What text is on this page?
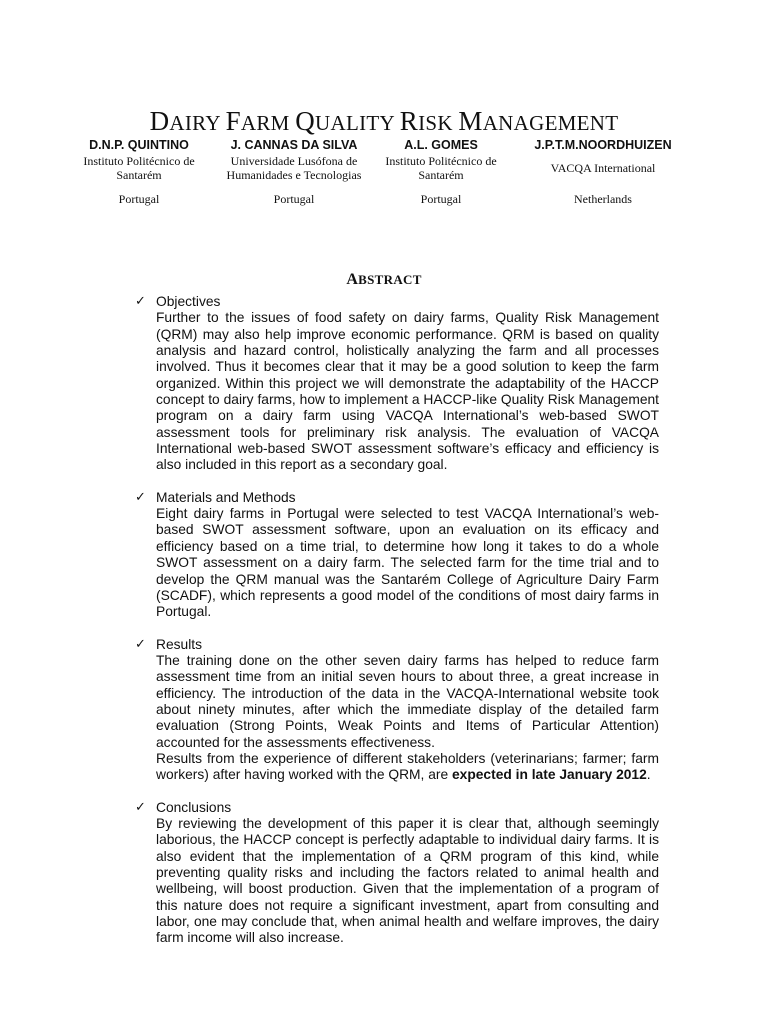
DAIRY FARM QUALITY RISK MANAGEMENT
D.N.P. QUINTINO
Instituto Politécnico de Santarém
Portugal
J. CANNAS DA SILVA
Universidade Lusófona de Humanidades e Tecnologias
Portugal
A.L. GOMES
Instituto Politécnico de Santarém
Portugal
J.P.T.M.NOORDHUIZEN
VACQA International
Netherlands
ABSTRACT
✓ Objectives

Further to the issues of food safety on dairy farms, Quality Risk Management (QRM) may also help improve economic performance. QRM is based on quality analysis and hazard control, holistically analyzing the farm and all processes involved. Thus it becomes clear that it may be a good solution to keep the farm organized. Within this project we will demonstrate the adaptability of the HACCP concept to dairy farms, how to implement a HACCP-like Quality Risk Management program on a dairy farm using VACQA International’s web-based SWOT assessment tools for preliminary risk analysis. The evaluation of VACQA International web-based SWOT assessment software’s efficacy and efficiency is also included in this report as a secondary goal.

✓ Materials and Methods

Eight dairy farms in Portugal were selected to test VACQA International’s web-based SWOT assessment software, upon an evaluation on its efficacy and efficiency based on a time trial, to determine how long it takes to do a whole SWOT assessment on a dairy farm. The selected farm for the time trial and to develop the QRM manual was the Santarém College of Agriculture Dairy Farm (SCADF), which represents a good model of the conditions of most dairy farms in Portugal.

✓ Results

The training done on the other seven dairy farms has helped to reduce farm assessment time from an initial seven hours to about three, a great increase in efficiency. The introduction of the data in the VACQA-International website took about ninety minutes, after which the immediate display of the detailed farm evaluation (Strong Points, Weak Points and Items of Particular Attention) accounted for the assessments effectiveness.

Results from the experience of different stakeholders (veterinarians; farmer; farm workers) after having worked with the QRM, are expected in late January 2012.

✓ Conclusions

By reviewing the development of this paper it is clear that, although seemingly laborious, the HACCP concept is perfectly adaptable to individual dairy farms. It is also evident that the implementation of a QRM program of this kind, while preventing quality risks and including the factors related to animal health and wellbeing, will boost production. Given that the implementation of a program of this nature does not require a significant investment, apart from consulting and labor, one may conclude that, when animal health and welfare improves, the dairy farm income will also increase.
